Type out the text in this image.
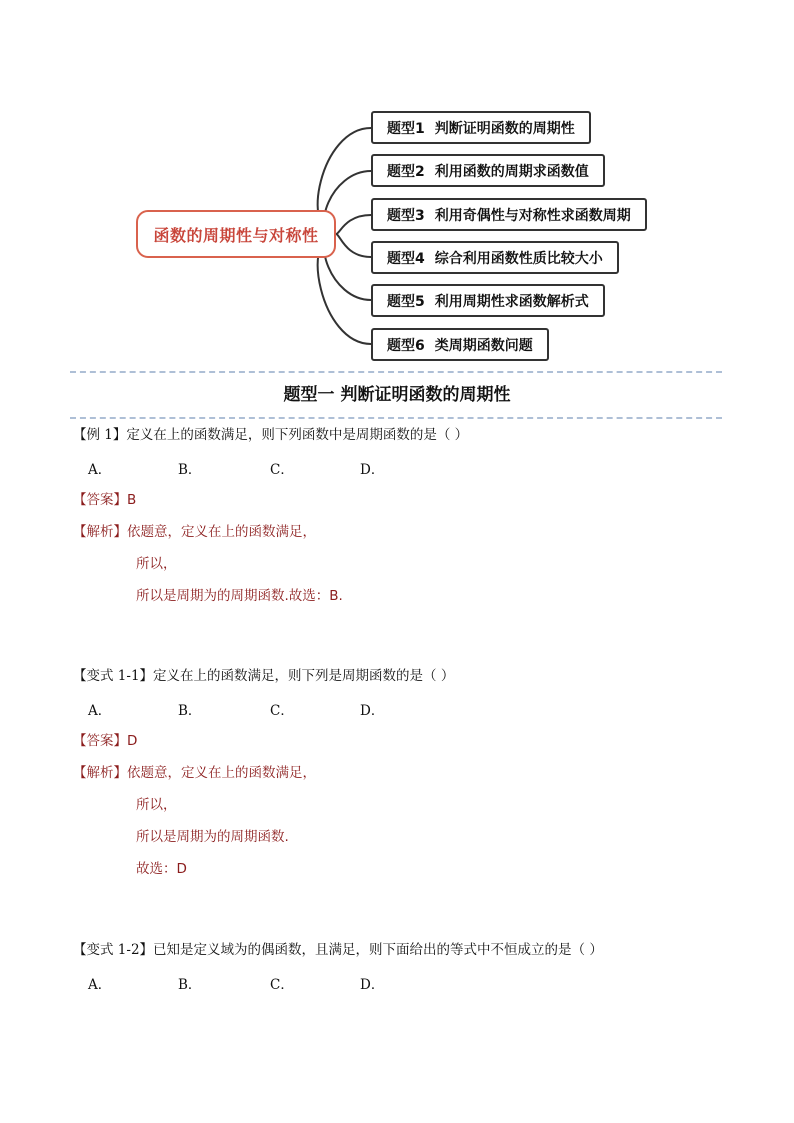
函数的周期性与对称性
题型1 判断证明函数的周期性
题型2 利用函数的周期求函数值
题型3 利用奇偶性与对称性求函数周期
题型4 综合利用函数性质比较大小
题型5 利用周期性求函数解析式
题型6 类周期函数问题
题型一 判断证明函数的周期性
【例 1】定义在上的函数满足，则下列函数中是周期函数的是（ ）
A．	B．	C．	D．
【答案】B
【解析】依题意，定义在上的函数满足，
所以，
所以是周期为的周期函数.故选：B.
【变式 1-1】定义在上的函数满足，则下列是周期函数的是（ ）
A．	B．	C．	D．
【答案】D
【解析】依题意，定义在上的函数满足，
所以，
所以是周期为的周期函数.
故选：D
【变式 1-2】已知是定义域为的偶函数，且满足，则下面给出的等式中不恒成立的是（ ）
A．	B．	C．	D．
